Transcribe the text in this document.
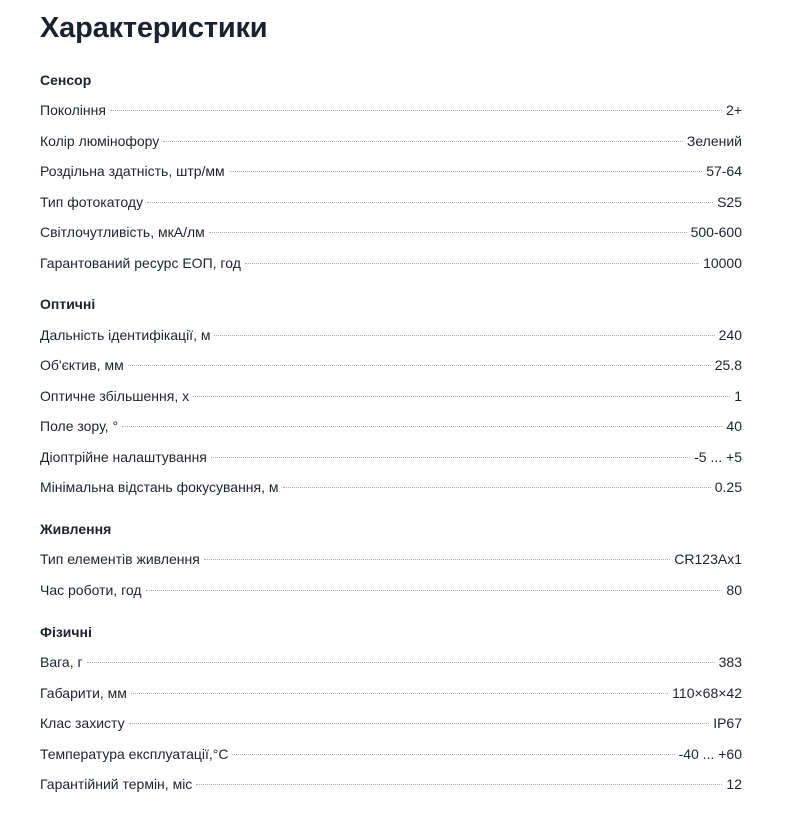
Характеристики
Сенсор
Покоління	2+
Колір люмінофору	Зелений
Роздільна здатність, штр/мм	57-64
Тип фотокатоду	S25
Світлочутливість, мкА/лм	500-600
Гарантований ресурс ЕОП, год	10000
Оптичні
Дальність ідентифікації, м	240
Об'єктив, мм	25.8
Оптичне збільшення, х	1
Поле зору, °	40
Діоптрійне налаштування	-5 ... +5
Мінімальна відстань фокусування, м	0.25
Живлення
Тип елементів живлення	CR123Ax1
Час роботи, год	80
Фізичні
Вага, г	383
Габарити, мм	110×68×42
Клас захисту	IP67
Температура експлуатації,°С	-40 ... +60
Гарантійний термін, міс	12
